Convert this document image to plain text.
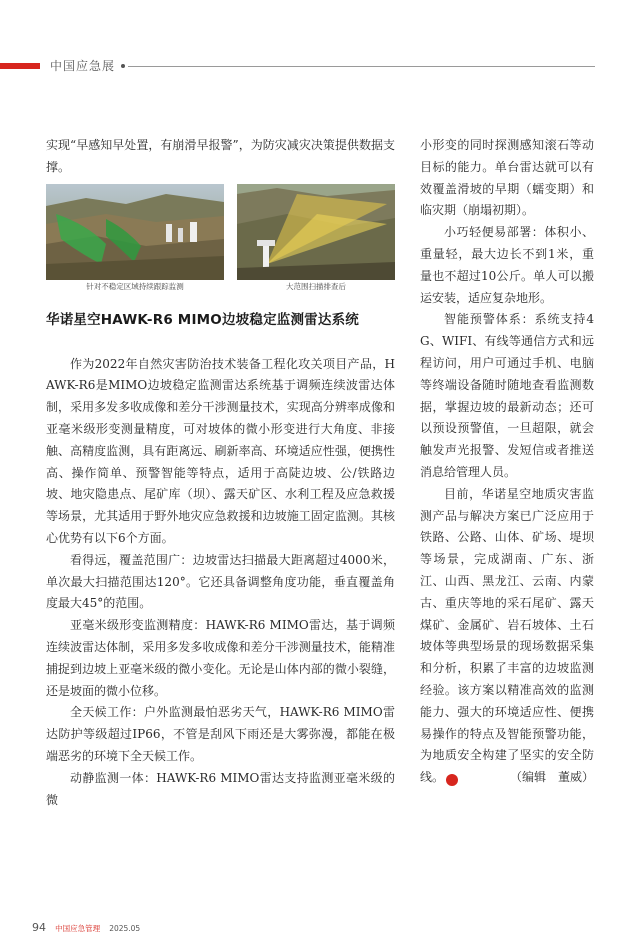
中国应急展

实现“早感知早处置，有崩滑早报警”，为防灾减灾决策提供数据支撑。

针对不稳定区域持续跟踪监测	大范围扫描排查后
华诺星空HAWK-R6 MIMO边坡稳定监测雷达系统

作为2022年自然灾害防治技术装备工程化攻关项目产品，HAWK-R6是MIMO边坡稳定监测雷达系统基于调频连续波雷达体制，采用多发多收成像和差分干涉测量技术，实现高分辨率成像和亚毫米级形变测量精度，可对坡体的微小形变进行大角度、非接触、高精度监测，具有距离远、刷新率高、环境适应性强，便携性高、操作简单、预警智能等特点，适用于高陡边坡、公/铁路边坡、地灾隐患点、尾矿库（坝）、露天矿区、水利工程及应急救援等场景，尤其适用于野外地灾应急救援和边坡施工固定监测。其核心优势有以下6个方面。

看得远，覆盖范围广：边坡雷达扫描最大距离超过4000米，单次最大扫描范围达120°。它还具备调整角度功能，垂直覆盖角度最大45°的范围。

亚毫米级形变监测精度：HAWK-R6 MIMO雷达，基于调频连续波雷达体制，采用多发多收成像和差分干涉测量技术，能精准捕捉到边坡上亚毫米级的微小变化。无论是山体内部的微小裂缝，还是坡面的微小位移。

全天候工作：户外监测最怕恶劣天气，HAWK-R6 MIMO雷达防护等级超过IP66，不管是刮风下雨还是大雾弥漫，都能在极端恶劣的环境下全天候工作。

动静监测一体：HAWK-R6 MIMO雷达支持监测亚毫米级的微

小形变的同时探测感知滚石等动目标的能力。单台雷达就可以有效覆盖滑坡的早期（蠕变期）和临灾期（崩塌初期）。

小巧轻便易部署：体积小、重量轻，最大边长不到1米，重量也不超过10公斤。单人可以搬运安装，适应复杂地形。

智能预警体系：系统支持4G、WIFI、有线等通信方式和远程访问，用户可通过手机、电脑等终端设备随时随地查看监测数据，掌握边坡的最新动态；还可以预设预警值，一旦超限，就会触发声光报警、发短信或者推送消息给管理人员。

目前，华诺星空地质灾害监测产品与解决方案已广泛应用于铁路、公路、山体、矿场、堤坝等场景，完成湖南、广东、浙江、山西、黑龙江、云南、内蒙古、重庆等地的采石尾矿、露天煤矿、金属矿、岩石坡体、土石坡体等典型场景的现场数据采集和分析，积累了丰富的边坡监测经验。该方案以精准高效的监测能力、强大的环境适应性、便携易操作的特点及智能预警功能，为地质安全构建了坚实的安全防线。	V	（编辑　董威）

94 中国应急管理 2025.05
